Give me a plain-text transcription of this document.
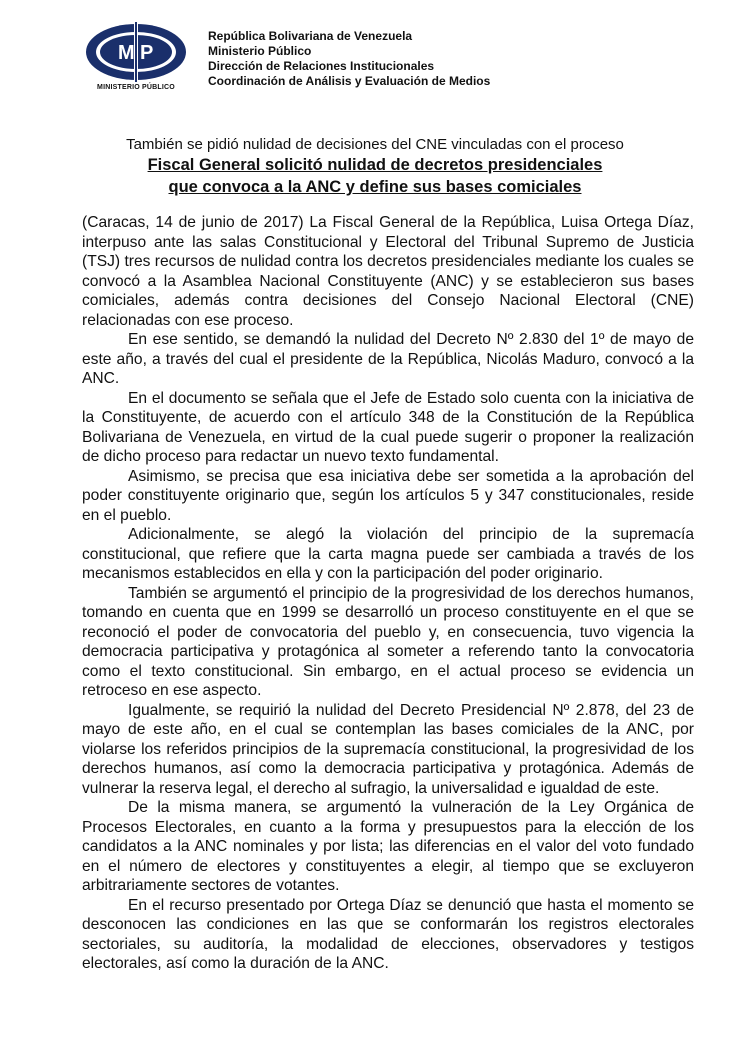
M P
MINISTERIO PÚBLICO
República Bolivariana de Venezuela
Ministerio Público
Dirección de Relaciones Institucionales
Coordinación de Análisis y Evaluación de Medios
También se pidió nulidad de decisiones del CNE vinculadas con el proceso
Fiscal General solicitó nulidad de decretos presidenciales
que convoca a la ANC y define sus bases comiciales

(Caracas, 14 de junio de 2017) La Fiscal General de la República, Luisa Ortega Díaz, interpuso ante las salas Constitucional y Electoral del Tribunal Supremo de Justicia (TSJ) tres recursos de nulidad contra los decretos presidenciales mediante los cuales se convocó a la Asamblea Nacional Constituyente (ANC) y se establecieron sus bases comiciales, además contra decisiones del Consejo Nacional Electoral (CNE) relacionadas con ese proceso.

En ese sentido, se demandó la nulidad del Decreto Nº 2.830 del 1º de mayo de este año, a través del cual el presidente de la República, Nicolás Maduro, convocó a la ANC.

En el documento se señala que el Jefe de Estado solo cuenta con la iniciativa de la Constituyente, de acuerdo con el artículo 348 de la Constitución de la República Bolivariana de Venezuela, en virtud de la cual puede sugerir o proponer la realización de dicho proceso para redactar un nuevo texto fundamental.

Asimismo, se precisa que esa iniciativa debe ser sometida a la aprobación del poder constituyente originario que, según los artículos 5 y 347 constitucionales, reside en el pueblo.

Adicionalmente, se alegó la violación del principio de la supremacía constitucional, que refiere que la carta magna puede ser cambiada a través de los mecanismos establecidos en ella y con la participación del poder originario.

También se argumentó el principio de la progresividad de los derechos humanos, tomando en cuenta que en 1999 se desarrolló un proceso constituyente en el que se reconoció el poder de convocatoria del pueblo y, en consecuencia, tuvo vigencia la democracia participativa y protagónica al someter a referendo tanto la convocatoria como el texto constitucional. Sin embargo, en el actual proceso se evidencia un retroceso en ese aspecto.

Igualmente, se requirió la nulidad del Decreto Presidencial Nº 2.878, del 23 de mayo de este año, en el cual se contemplan las bases comiciales de la ANC, por violarse los referidos principios de la supremacía constitucional, la progresividad de los derechos humanos, así como la democracia participativa y protagónica. Además de vulnerar la reserva legal, el derecho al sufragio, la universalidad e igualdad de este.

De la misma manera, se argumentó la vulneración de la Ley Orgánica de Procesos Electorales, en cuanto a la forma y presupuestos para la elección de los candidatos a la ANC nominales y por lista; las diferencias en el valor del voto fundado en el número de electores y constituyentes a elegir, al tiempo que se excluyeron arbitrariamente sectores de votantes.

En el recurso presentado por Ortega Díaz se denunció que hasta el momento se desconocen las condiciones en las que se conformarán los registros electorales sectoriales, su auditoría, la modalidad de elecciones, observadores y testigos electorales, así como la duración de la ANC.
